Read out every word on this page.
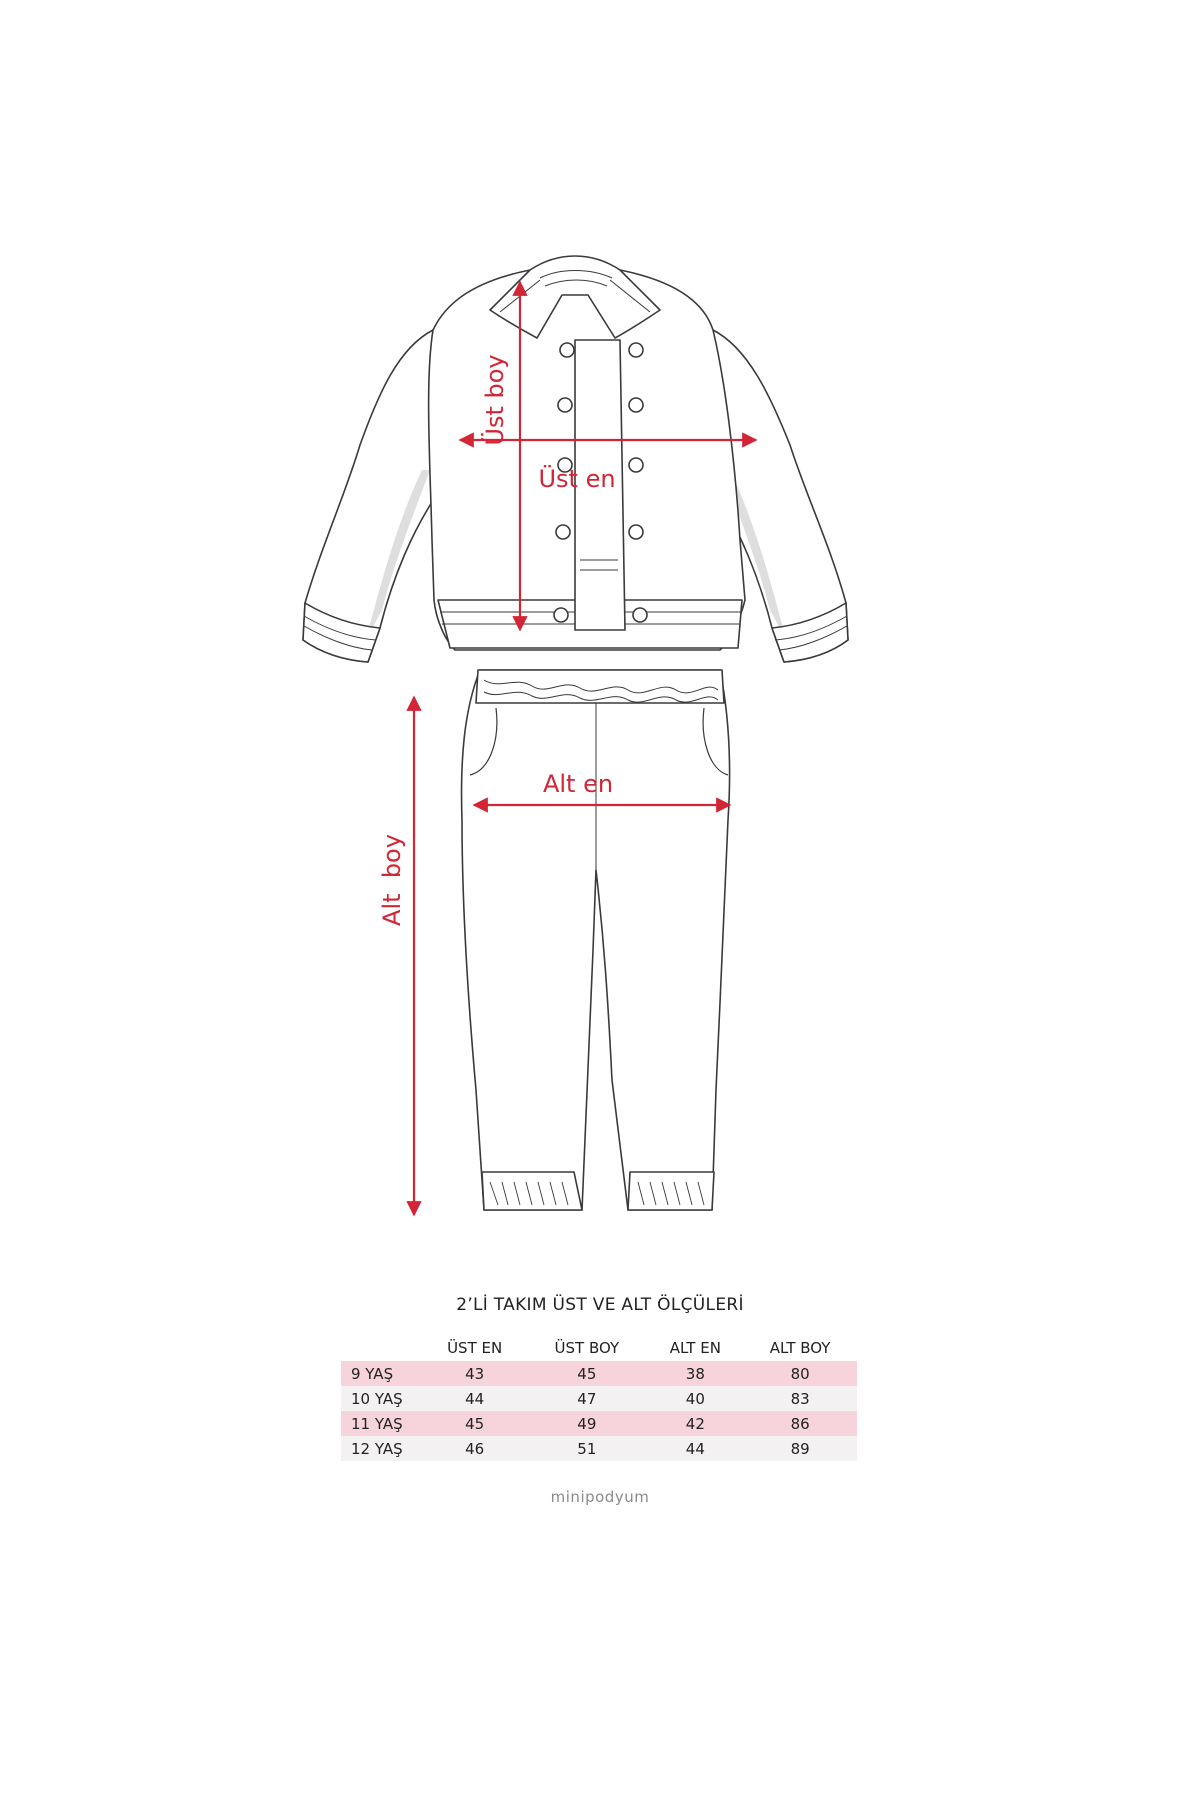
Üst boy
Üst en
Alt en
Alt  boy
2’Lİ TAKIM ÜST VE ALT ÖLÇÜLERİ
	ÜST EN	ÜST BOY	ALT EN	ALT BOY
9 YAŞ	43	45	38	80
10 YAŞ	44	47	40	83
11 YAŞ	45	49	42	86
12 YAŞ	46	51	44	89
minipodyum
